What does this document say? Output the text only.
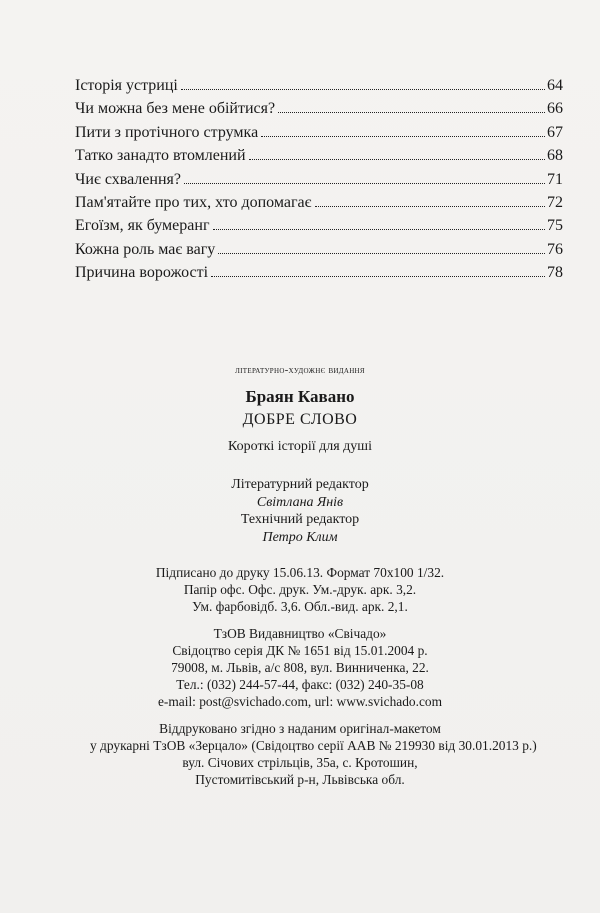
Історія устриці	64
Чи можна без мене обійтися?	66
Пити з протічного струмка	67
Татко занадто втомлений	68
Чиє схвалення?	71
Пам'ятайте про тих, хто допомагає	72
Егоїзм, як бумеранг	75
Кожна роль має вагу	76
Причина ворожості	78
літературно-художнє видання
Браян Кавано
ДОБРЕ СЛОВО
Короткі історії для душі
Літературний редактор
Світлана Янів
Технічний редактор
Петро Клим
Підписано до друку 15.06.13. Формат 70x100 1/32.
Папір офс. Офс. друк. Ум.-друк. арк. 3,2.
Ум. фарбовідб. 3,6. Обл.-вид. арк. 2,1.
ТзОВ Видавництво «Свічадо»
Свідоцтво серія ДК № 1651 від 15.01.2004 р.
79008, м. Львів, а/с 808, вул. Винниченка, 22.
Тел.: (032) 244-57-44, факс: (032) 240-35-08
e-mail: post@svichado.com, url: www.svichado.com
Віддруковано згідно з наданим оригінал-макетом
у друкарні ТзОВ «Зерцало» (Свідоцтво серії ААВ № 219930 від 30.01.2013 р.)
вул. Січових стрільців, 35а, с. Кротошин,
Пустомитівський р-н, Львівська обл.
